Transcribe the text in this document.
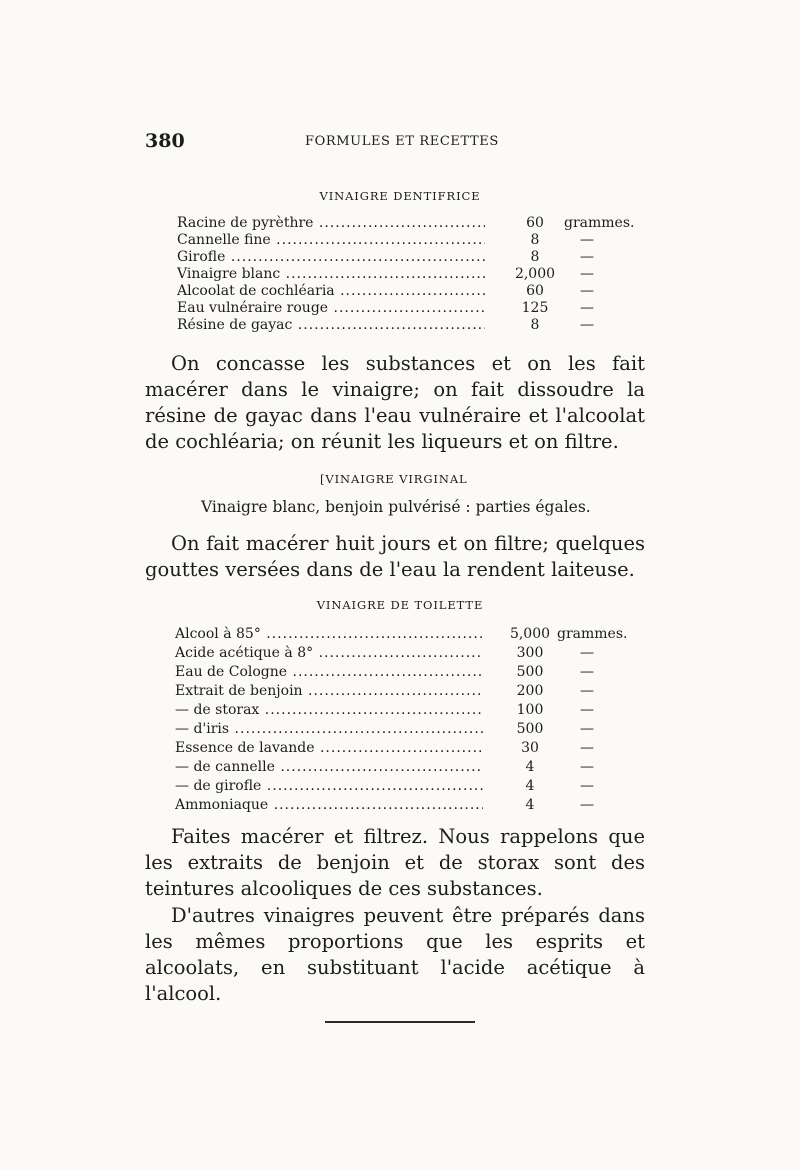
380	FORMULES ET RECETTES
VINAIGRE DENTIFRICE
Racine de pyrèthre .....	60	grammes.
Cannelle fine .....	8	—
Girofle .....	8	—
Vinaigre blanc .....	2,000	—
Alcoolat de cochléaria .....	60	—
Eau vulnéraire rouge .....	125	—
Résine de gayac .....	8	—
On concasse les substances et on les fait macérer dans le vinaigre; on fait dissoudre la résine de gayac dans l'eau vulnéraire et l'alcoolat de cochléaria; on réunit les liqueurs et on filtre.
[VINAIGRE VIRGINAL
Vinaigre blanc, benjoin pulvérisé : parties égales.
On fait macérer huit jours et on filtre; quelques gouttes versées dans de l'eau la rendent laiteuse.
VINAIGRE DE TOILETTE
Alcool à 85° .....	5,000 grammes.
Acide acétique à 8° .....	300	—
Eau de Cologne .....	500	—
Extrait de benjoin .....	200	—
— de storax .....	100	—
— d'iris .....	500	—
Essence de lavande .....	30	—
— de cannelle .....	4	—
— de girofle .....	4	—
Ammoniaque .....	4	—
Faites macérer et filtrez. Nous rappelons que les extraits de benjoin et de storax sont des teintures alcooliques de ces substances.
D'autres vinaigres peuvent être préparés dans les mêmes proportions que les esprits et alcoolats, en substituant l'acide acétique à l'alcool.
